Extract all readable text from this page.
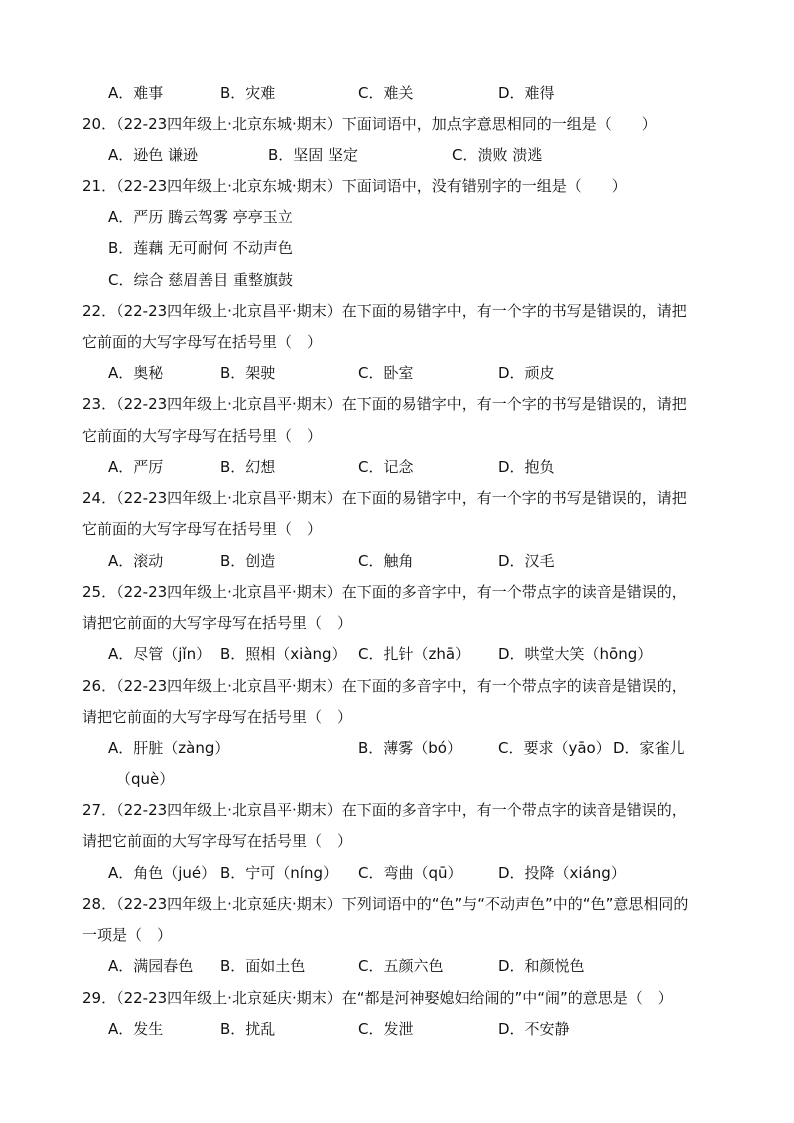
A．难事	B．灾难	C．难关	D．难得
20．（22-23四年级上·北京东城·期末）下面词语中，加点字意思相同的一组是（　　）
A．逊色 谦逊	B．坚固 坚定	C．溃败 溃逃
21．（22-23四年级上·北京东城·期末）下面词语中，没有错别字的一组是（　　）
A．严历 腾云驾雾 亭亭玉立
B．莲藕 无可耐何 不动声色
C．综合 慈眉善目 重整旗鼓
22．（22-23四年级上·北京昌平·期末）在下面的易错字中，有一个字的书写是错误的，请把
它前面的大写字母写在括号里（　）
A．奥秘	B．架驶	C．卧室	D．顽皮
23．（22-23四年级上·北京昌平·期末）在下面的易错字中，有一个字的书写是错误的，请把
它前面的大写字母写在括号里（　）
A．严厉	B．幻想	C．记念	D．抱负
24．（22-23四年级上·北京昌平·期末）在下面的易错字中，有一个字的书写是错误的，请把
它前面的大写字母写在括号里（　）
A．滚动	B．创造	C．触角	D．汉毛
25．（22-23四年级上·北京昌平·期末）在下面的多音字中，有一个带点字的读音是错误的，
请把它前面的大写字母写在括号里（　）
A．尽管（jǐn） B．照相（xiàng） C．扎针（zhā） D．哄堂大笑（hōng）
26．（22-23四年级上·北京昌平·期末）在下面的多音字中，有一个带点字的读音是错误的，
请把它前面的大写字母写在括号里（　）
A．肝脏（zàng）	B．薄雾（bó） C．要求（yāo） D．家雀儿
（què）
27．（22-23四年级上·北京昌平·期末）在下面的多音字中，有一个带点字的读音是错误的，
请把它前面的大写字母写在括号里（　）
A．角色（jué） B．宁可（níng） C．弯曲（qū） D．投降（xiáng）
28．（22-23四年级上·北京延庆·期末）下列词语中的“色”与“不动声色”中的“色”意思相同的
一项是（　）
A．满园春色 B．面如土色	C．五颜六色	D．和颜悦色
29．（22-23四年级上·北京延庆·期末）在“都是河神娶媳妇给闹的”中“闹”的意思是（　）
A．发生	B．扰乱	C．发泄	D．不安静
